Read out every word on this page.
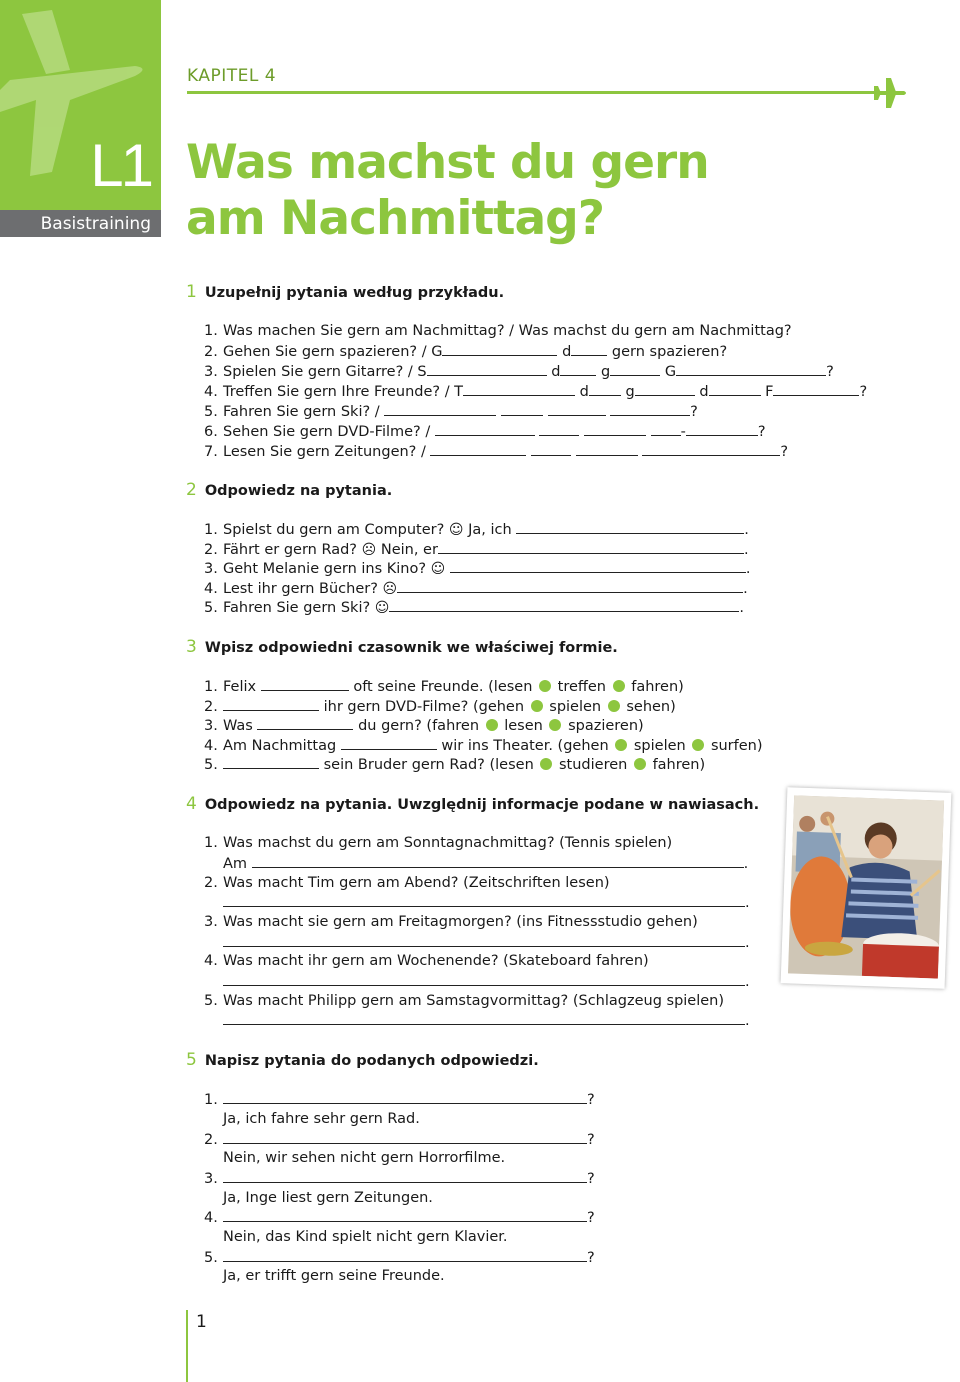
L1
Basistraining
KAPITEL 4
Was machst du gern
am Nachmittag?
1 Uzupełnij pytania według przykładu.
1. Was machen Sie gern am Nachmittag? / Was machst du gern am Nachmittag?
2. Gehen Sie gern spazieren? / G	d	gern spazieren?
3. Spielen Sie gern Gitarre? / S	d	g	G	?
4. Treffen Sie gern Ihre Freunde? / T	d	g	d	F	?
5. Fahren Sie gern Ski? /	?
6. Sehen Sie gern DVD-Filme? /	-	?
7. Lesen Sie gern Zeitungen? /	?
2 Odpowiedz na pytania.
1. Spielst du gern am Computer? ☺ Ja, ich	.
2. Fährt er gern Rad? ☹ Nein, er	.
3. Geht Melanie gern ins Kino? ☺	.
4. Lest ihr gern Bücher? ☹	.
5. Fahren Sie gern Ski? ☺	.
3 Wpisz odpowiedni czasownik we właściwej formie.
1. Felix	oft seine Freunde. (lesen treffen fahren)
2.	ihr gern DVD-Filme? (gehen spielen sehen)
3. Was	du gern? (fahren lesen spazieren)
4. Am Nachmittag	wir ins Theater. (gehen spielen surfen)
5.	sein Bruder gern Rad? (lesen studieren fahren)
4 Odpowiedz na pytania. Uwzględnij informacje podane w nawiasach.
1. Was machst du gern am Sonntagnachmittag? (Tennis spielen)
Am	.
2. Was macht Tim gern am Abend? (Zeitschriften lesen)
.
3. Was macht sie gern am Freitagmorgen? (ins Fitnessstudio gehen)
.
4. Was macht ihr gern am Wochenende? (Skateboard fahren)
.
5. Was macht Philipp gern am Samstagvormittag? (Schlagzeug spielen)
.
5 Napisz pytania do podanych odpowiedzi.
1.	?
Ja, ich fahre sehr gern Rad.
2.	?
Nein, wir sehen nicht gern Horrorfilme.
3.	?
Ja, Inge liest gern Zeitungen.
4.	?
Nein, das Kind spielt nicht gern Klavier.
5.	?
Ja, er trifft gern seine Freunde.
1
